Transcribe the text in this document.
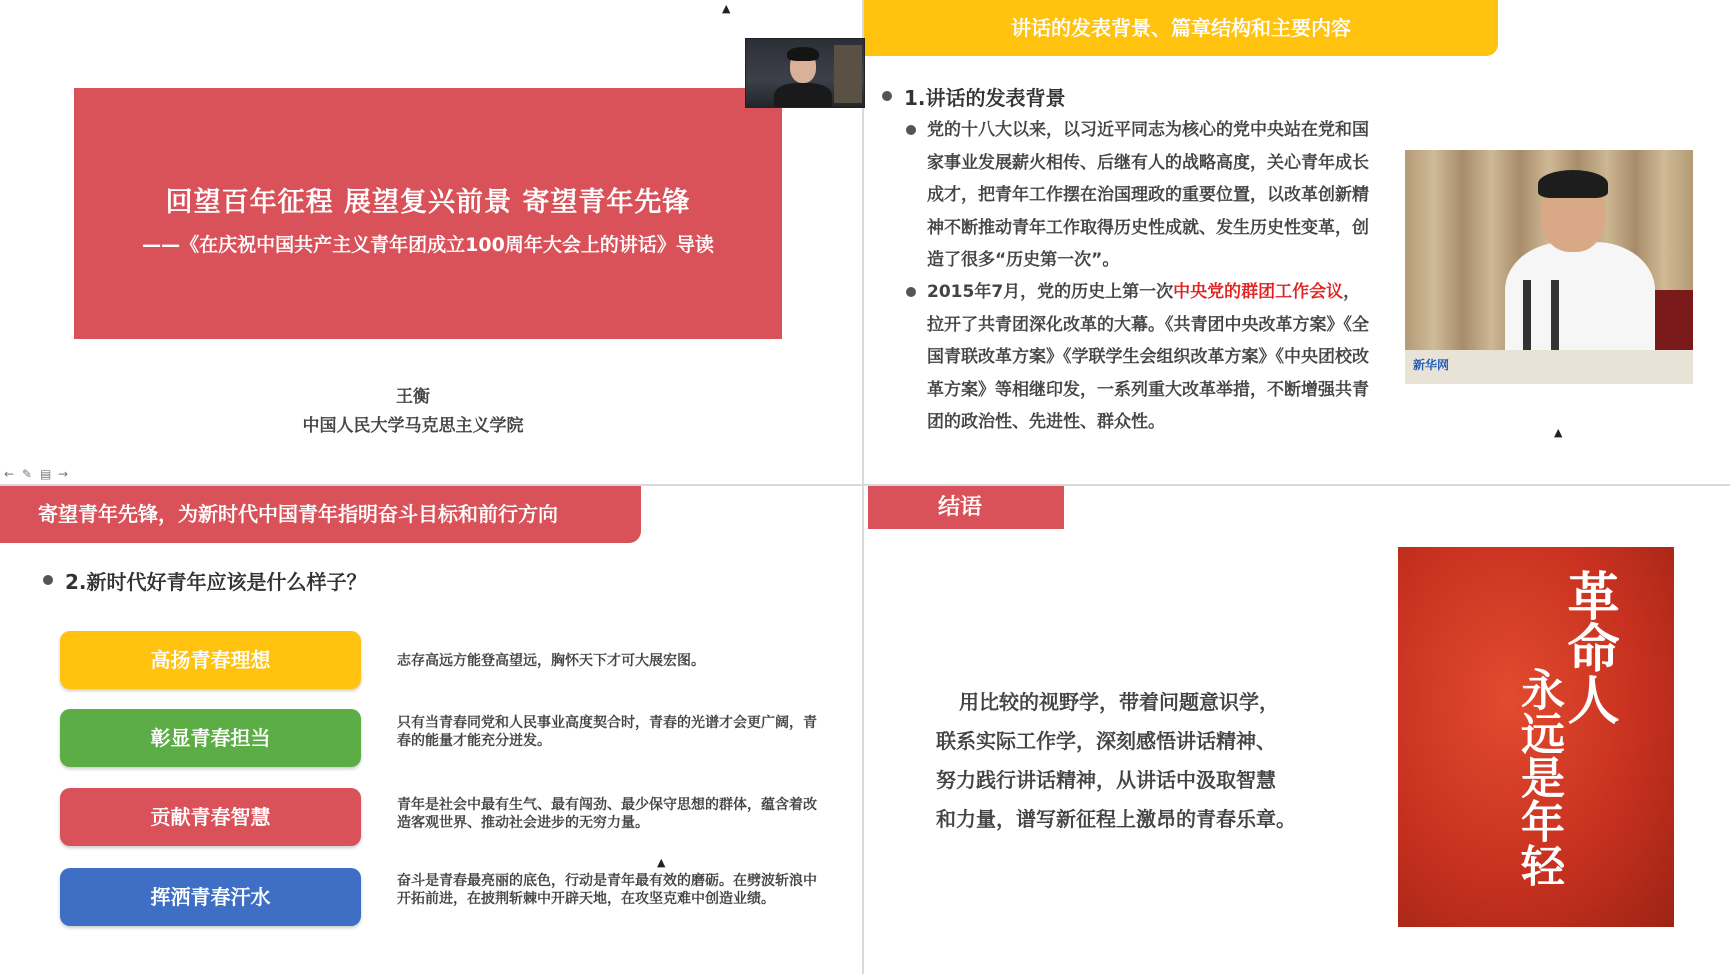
回望百年征程 展望复兴前景 寄望青年先锋
——《在庆祝中国共产主义青年团成立100周年大会上的讲话》导读
王衡
中国人民大学马克思主义学院
← ✎ ▤ →
▲
讲话的发表背景、篇章结构和主要内容
1.讲话的发表背景
党的十八大以来，以习近平同志为核心的党中央站在党和国家事业发展薪火相传、后继有人的战略高度，关心青年成长成才，把青年工作摆在治国理政的重要位置，以改革创新精神不断推动青年工作取得历史性成就、发生历史性变革，创造了很多“历史第一次”。
2015年7月，党的历史上第一次中央党的群团工作会议，拉开了共青团深化改革的大幕。《共青团中央改革方案》《全国青联改革方案》《学联学生会组织改革方案》《中央团校改革方案》等相继印发，一系列重大改革举措，不断增强共青团的政治性、先进性、群众性。
新华网
▲
寄望青年先锋，为新时代中国青年指明奋斗目标和前行方向
2.新时代好青年应该是什么样子？
高扬青春理想	志存高远方能登高望远，胸怀天下才可大展宏图。
彰显青春担当
只有当青春同党和人民事业高度契合时，青春的光谱才会更广阔，青春的能量才能充分迸发。
贡献青春智慧	青年是社会中最有生气、最有闯劲、最少保守思想的群体，蕴含着改造客观世界、推动社会进步的无穷力量。
挥洒青春汗水
奋斗是青春最亮丽的底色，行动是青年最有效的磨砺。在劈波斩浪中开拓前进，在披荆斩棘中开辟天地，在攻坚克难中创造业绩。
▲
结语
用比较的视野学，带着问题意识学，
联系实际工作学，深刻感悟讲话精神、
努力践行讲话精神，从讲话中汲取智慧
和力量，谱写新征程上激昂的青春乐章。
革命人
永远是年轻
